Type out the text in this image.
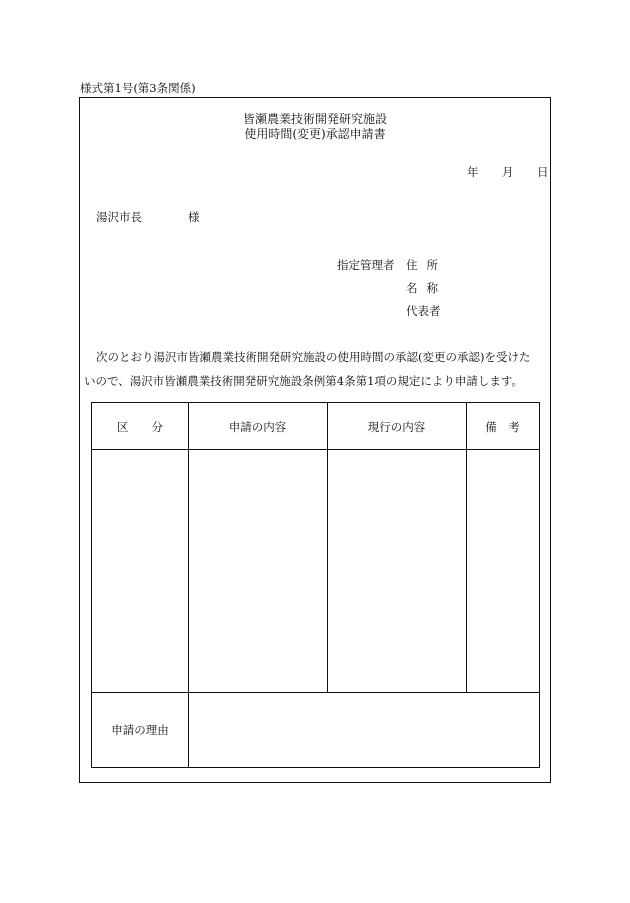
様式第1号(第3条関係)
皆瀬農業技術開発研究施設
使用時間(変更)承認申請書
年 月 日
湯沢市長	様
指定管理者 住所
名称
代表者
次のとおり湯沢市皆瀬農業技術開発研究施設の使用時間の承認(変更の承認)を受けた
いので、湯沢市皆瀬農業技術開発研究施設条例第4条第1項の規定により申請します。
区　　分	申請の内容	現行の内容	備　考
申請の理由
